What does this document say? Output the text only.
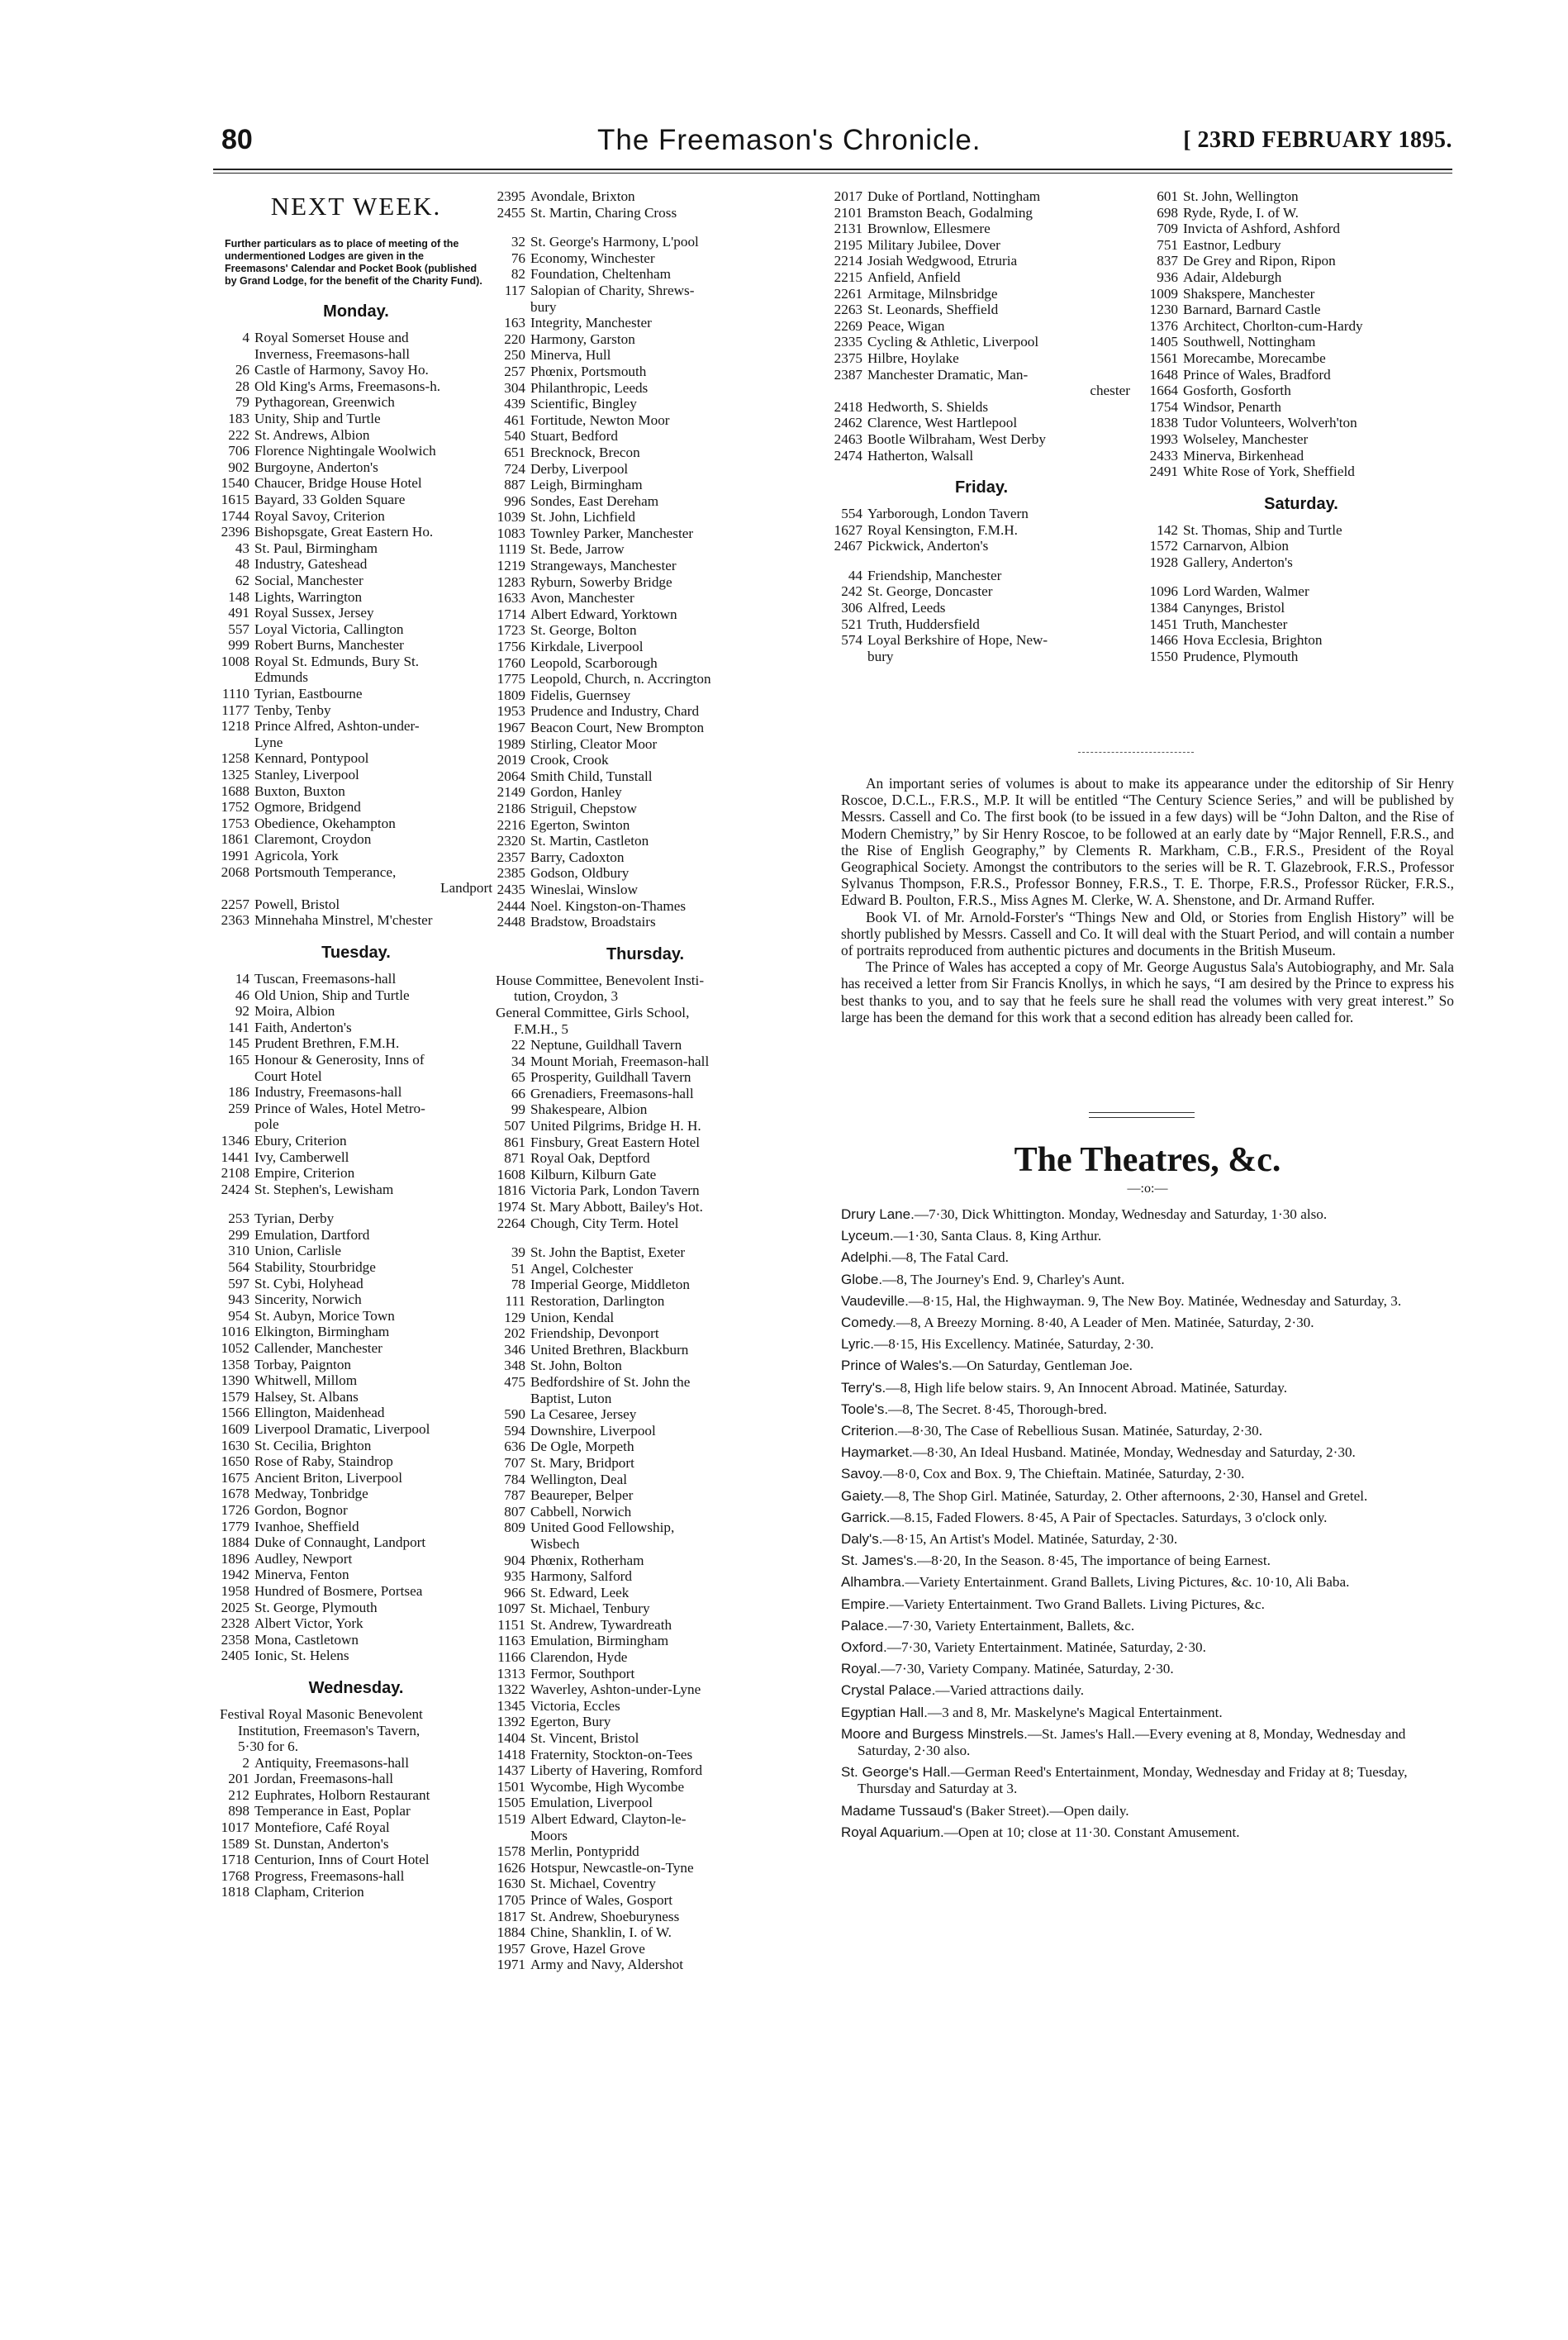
80	The Freemason's Chronicle.	[ 23RD FEBRUARY 1895.
NEXT WEEK.
Further particulars as to place of meeting of the undermentioned Lodges are given in the Freemasons' Calendar and Pocket Book (published by Grand Lodge, for the benefit of the Charity Fund).
Monday.
4 Royal Somerset House and
Inverness, Freemasons-hall
26 Castle of Harmony, Savoy Ho.
28 Old King's Arms, Freemasons-h.
79 Pythagorean, Greenwich
183 Unity, Ship and Turtle
222 St. Andrews, Albion
706 Florence Nightingale Woolwich
902 Burgoyne, Anderton's
1540 Chaucer, Bridge House Hotel
1615 Bayard, 33 Golden Square
1744 Royal Savoy, Criterion
2396 Bishopsgate, Great Eastern Ho.
43 St. Paul, Birmingham
48 Industry, Gateshead
62 Social, Manchester
148 Lights, Warrington
491 Royal Sussex, Jersey
557 Loyal Victoria, Callington
999 Robert Burns, Manchester
1008 Royal St. Edmunds, Bury St.
Edmunds
1110 Tyrian, Eastbourne
1177 Tenby, Tenby
1218 Prince Alfred, Ashton-under-
Lyne
1258 Kennard, Pontypool
1325 Stanley, Liverpool
1688 Buxton, Buxton
1752 Ogmore, Bridgend
1753 Obedience, Okehampton
1861 Claremont, Croydon
1991 Agricola, York
2068 Portsmouth Temperance,
Landport
2257 Powell, Bristol
2363 Minnehaha Minstrel, M'chester
Tuesday.
14 Tuscan, Freemasons-hall
46 Old Union, Ship and Turtle
92 Moira, Albion
141 Faith, Anderton's
145 Prudent Brethren, F.M.H.
165 Honour & Generosity, Inns of
Court Hotel
186 Industry, Freemasons-hall
259 Prince of Wales, Hotel Metro-
pole
1346 Ebury, Criterion
1441 Ivy, Camberwell
2108 Empire, Criterion
2424 St. Stephen's, Lewisham
253 Tyrian, Derby
299 Emulation, Dartford
310 Union, Carlisle
564 Stability, Stourbridge
597 St. Cybi, Holyhead
943 Sincerity, Norwich
954 St. Aubyn, Morice Town
1016 Elkington, Birmingham
1052 Callender, Manchester
1358 Torbay, Paignton
1390 Whitwell, Millom
1579 Halsey, St. Albans
1566 Ellington, Maidenhead
1609 Liverpool Dramatic, Liverpool
1630 St. Cecilia, Brighton
1650 Rose of Raby, Staindrop
1675 Ancient Briton, Liverpool
1678 Medway, Tonbridge
1726 Gordon, Bognor
1779 Ivanhoe, Sheffield
1884 Duke of Connaught, Landport
1896 Audley, Newport
1942 Minerva, Fenton
1958 Hundred of Bosmere, Portsea
2025 St. George, Plymouth
2328 Albert Victor, York
2358 Mona, Castletown
2405 Ionic, St. Helens
Wednesday.
Festival Royal Masonic Benevolent
Institution, Freemason's Tavern,
5·30 for 6.
2 Antiquity, Freemasons-hall
201 Jordan, Freemasons-hall
212 Euphrates, Holborn Restaurant
898 Temperance in East, Poplar
1017 Montefiore, Café Royal
1589 St. Dunstan, Anderton's
1718 Centurion, Inns of Court Hotel
1768 Progress, Freemasons-hall
1818 Clapham, Criterion
2395 Avondale, Brixton
2455 St. Martin, Charing Cross
32 St. George's Harmony, L'pool
76 Economy, Winchester
82 Foundation, Cheltenham
117 Salopian of Charity, Shrews-
bury
163 Integrity, Manchester
220 Harmony, Garston
250 Minerva, Hull
257 Phœnix, Portsmouth
304 Philanthropic, Leeds
439 Scientific, Bingley
461 Fortitude, Newton Moor
540 Stuart, Bedford
651 Brecknock, Brecon
724 Derby, Liverpool
887 Leigh, Birmingham
996 Sondes, East Dereham
1039 St. John, Lichfield
1083 Townley Parker, Manchester
1119 St. Bede, Jarrow
1219 Strangeways, Manchester
1283 Ryburn, Sowerby Bridge
1633 Avon, Manchester
1714 Albert Edward, Yorktown
1723 St. George, Bolton
1756 Kirkdale, Liverpool
1760 Leopold, Scarborough
1775 Leopold, Church, n. Accrington
1809 Fidelis, Guernsey
1953 Prudence and Industry, Chard
1967 Beacon Court, New Brompton
1989 Stirling, Cleator Moor
2019 Crook, Crook
2064 Smith Child, Tunstall
2149 Gordon, Hanley
2186 Striguil, Chepstow
2216 Egerton, Swinton
2320 St. Martin, Castleton
2357 Barry, Cadoxton
2385 Godson, Oldbury
2435 Wineslai, Winslow
2444 Noel. Kingston-on-Thames
2448 Bradstow, Broadstairs
Thursday.
House Committee, Benevolent Insti-
tution, Croydon, 3
General Committee, Girls School,
F.M.H., 5
22 Neptune, Guildhall Tavern
34 Mount Moriah, Freemason-hall
65 Prosperity, Guildhall Tavern
66 Grenadiers, Freemasons-hall
99 Shakespeare, Albion
507 United Pilgrims, Bridge H. H.
861 Finsbury, Great Eastern Hotel
871 Royal Oak, Deptford
1608 Kilburn, Kilburn Gate
1816 Victoria Park, London Tavern
1974 St. Mary Abbott, Bailey's Hot.
2264 Chough, City Term. Hotel
39 St. John the Baptist, Exeter
51 Angel, Colchester
78 Imperial George, Middleton
111 Restoration, Darlington
129 Union, Kendal
202 Friendship, Devonport
346 United Brethren, Blackburn
348 St. John, Bolton
475 Bedfordshire of St. John the
Baptist, Luton
590 La Cesaree, Jersey
594 Downshire, Liverpool
636 De Ogle, Morpeth
707 St. Mary, Bridport
784 Wellington, Deal
787 Beaureper, Belper
807 Cabbell, Norwich
809 United Good Fellowship,
Wisbech
904 Phœnix, Rotherham
935 Harmony, Salford
966 St. Edward, Leek
1097 St. Michael, Tenbury
1151 St. Andrew, Tywardreath
1163 Emulation, Birmingham
1166 Clarendon, Hyde
1313 Fermor, Southport
1322 Waverley, Ashton-under-Lyne
1345 Victoria, Eccles
1392 Egerton, Bury
1404 St. Vincent, Bristol
1418 Fraternity, Stockton-on-Tees
1437 Liberty of Havering, Romford
1501 Wycombe, High Wycombe
1505 Emulation, Liverpool
1519 Albert Edward, Clayton-le-
Moors
1578 Merlin, Pontypridd
1626 Hotspur, Newcastle-on-Tyne
1630 St. Michael, Coventry
1705 Prince of Wales, Gosport
1817 St. Andrew, Shoeburyness
1884 Chine, Shanklin, I. of W.
1957 Grove, Hazel Grove
1971 Army and Navy, Aldershot
2017 Duke of Portland, Nottingham
2101 Bramston Beach, Godalming
2131 Brownlow, Ellesmere
2195 Military Jubilee, Dover
2214 Josiah Wedgwood, Etruria
2215 Anfield, Anfield
2261 Armitage, Milnsbridge
2263 St. Leonards, Sheffield
2269 Peace, Wigan
2335 Cycling & Athletic, Liverpool
2375 Hilbre, Hoylake
2387 Manchester Dramatic, Man-
chester
2418 Hedworth, S. Shields
2462 Clarence, West Hartlepool
2463 Bootle Wilbraham, West Derby
2474 Hatherton, Walsall
Friday.
554 Yarborough, London Tavern
1627 Royal Kensington, F.M.H.
2467 Pickwick, Anderton's
44 Friendship, Manchester
242 St. George, Doncaster
306 Alfred, Leeds
521 Truth, Huddersfield
574 Loyal Berkshire of Hope, New-
bury
601 St. John, Wellington
698 Ryde, Ryde, I. of W.
709 Invicta of Ashford, Ashford
751 Eastnor, Ledbury
837 De Grey and Ripon, Ripon
936 Adair, Aldeburgh
1009 Shakspere, Manchester
1230 Barnard, Barnard Castle
1376 Architect, Chorlton-cum-Hardy
1405 Southwell, Nottingham
1561 Morecambe, Morecambe
1648 Prince of Wales, Bradford
1664 Gosforth, Gosforth
1754 Windsor, Penarth
1838 Tudor Volunteers, Wolverh'ton
1993 Wolseley, Manchester
2433 Minerva, Birkenhead
2491 White Rose of York, Sheffield
Saturday.
142 St. Thomas, Ship and Turtle
1572 Carnarvon, Albion
1928 Gallery, Anderton's
1096 Lord Warden, Walmer
1384 Canynges, Bristol
1451 Truth, Manchester
1466 Hova Ecclesia, Brighton
1550 Prudence, Plymouth

An important series of volumes is about to make its appearance under the editorship of Sir Henry Roscoe, D.C.L., F.R.S., M.P. It will be entitled “The Century Science Series,” and will be published by Messrs. Cassell and Co. The first book (to be issued in a few days) will be “John Dalton, and the Rise of Modern Chemistry,” by Sir Henry Roscoe, to be followed at an early date by “Major Rennell, F.R.S., and the Rise of English Geography,” by Clements R. Markham, C.B., F.R.S., President of the Royal Geographical Society. Amongst the contributors to the series will be R. T. Glazebrook, F.R.S., Professor Sylvanus Thompson, F.R.S., Professor Bonney, F.R.S., T. E. Thorpe, F.R.S., Professor Rücker, F.R.S., Edward B. Poulton, F.R.S., Miss Agnes M. Clerke, W. A. Shenstone, and Dr. Armand Ruffer.

Book VI. of Mr. Arnold-Forster's “Things New and Old, or Stories from English History” will be shortly published by Messrs. Cassell and Co. It will deal with the Stuart Period, and will contain a number of portraits reproduced from authentic pictures and documents in the British Museum.

The Prince of Wales has accepted a copy of Mr. George Augustus Sala's Autobiography, and Mr. Sala has received a letter from Sir Francis Knollys, in which he says, “I am desired by the Prince to express his best thanks to you, and to say that he feels sure he shall read the volumes with very great interest.” So large has been the demand for this work that a second edition has already been called for.

The Theatres, &c.
—:o:—
Drury Lane.—7·30, Dick Whittington. Monday, Wednesday and Saturday, 1·30 also.
Lyceum.—1·30, Santa Claus. 8, King Arthur.
Adelphi.—8, The Fatal Card.
Globe.—8, The Journey's End. 9, Charley's Aunt.
Vaudeville.—8·15, Hal, the Highwayman. 9, The New Boy. Matinée, Wednesday and Saturday, 3.
Comedy.—8, A Breezy Morning. 8·40, A Leader of Men. Matinée, Saturday, 2·30.
Lyric.—8·15, His Excellency. Matinée, Saturday, 2·30.
Prince of Wales's.—On Saturday, Gentleman Joe.
Terry's.—8, High life below stairs. 9, An Innocent Abroad. Matinée, Saturday.
Toole's.—8, The Secret. 8·45, Thorough-bred.
Criterion.—8·30, The Case of Rebellious Susan. Matinée, Saturday, 2·30.
Haymarket.—8·30, An Ideal Husband. Matinée, Monday, Wednesday and Saturday, 2·30.
Savoy.—8·0, Cox and Box. 9, The Chieftain. Matinée, Saturday, 2·30.
Gaiety.—8, The Shop Girl. Matinée, Saturday, 2. Other afternoons, 2·30, Hansel and Gretel.
Garrick.—8.15, Faded Flowers. 8·45, A Pair of Spectacles. Saturdays, 3 o'clock only.
Daly's.—8·15, An Artist's Model. Matinée, Saturday, 2·30.
St. James's.—8·20, In the Season. 8·45, The importance of being Earnest.
Alhambra.—Variety Entertainment. Grand Ballets, Living Pictures, &c. 10·10, Ali Baba.
Empire.—Variety Entertainment. Two Grand Ballets. Living Pictures, &c.
Palace.—7·30, Variety Entertainment, Ballets, &c.
Oxford.—7·30, Variety Entertainment. Matinée, Saturday, 2·30.
Royal.—7·30, Variety Company. Matinée, Saturday, 2·30.
Crystal Palace.—Varied attractions daily.
Egyptian Hall.—3 and 8, Mr. Maskelyne's Magical Entertainment.
Moore and Burgess Minstrels.—St. James's Hall.—Every evening at 8, Monday, Wednesday and Saturday, 2·30 also.
St. George's Hall.—German Reed's Entertainment, Monday, Wednesday and Friday at 8; Tuesday, Thursday and Saturday at 3.
Madame Tussaud's (Baker Street).—Open daily.
Royal Aquarium.—Open at 10; close at 11·30. Constant Amusement.
